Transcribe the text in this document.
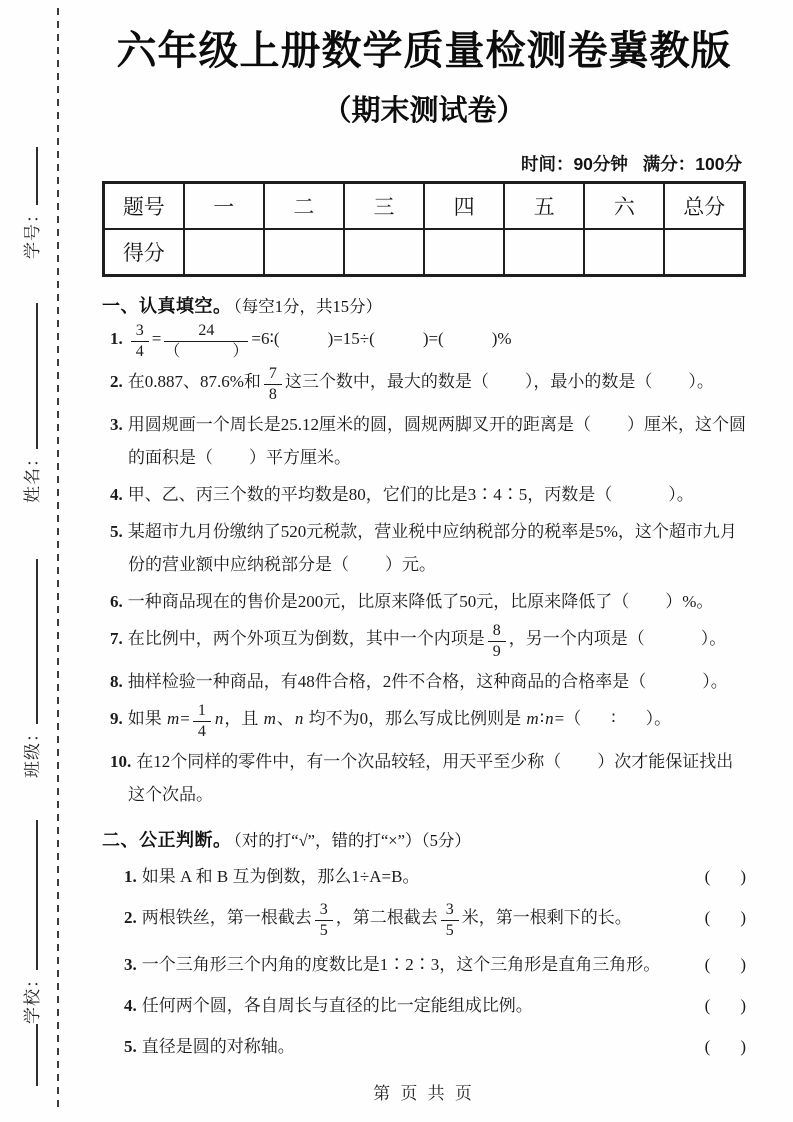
学号：
姓名：
班级：
学校：
六年级上册数学质量检测卷冀教版
（期末测试卷）
时间：90分钟 满分：100分
题号	一	二	三	四	五	六	总分
得分							
一、认真填空。 （每空1分，共15分）
1. $\frac{3}{4} = 24$
（	） =6∶(	)=15÷(	)=(	)%
2. 在0.887、87.6%和 $\frac{7}{8}$ 这三个数中，最大的数是（ ），最小的数是（ ）。
3. 用圆规画一个周长是25.12厘米的圆，圆规两脚叉开的距离是（ ）厘米，这个圆的面积是（ ）平方厘米。
4. 甲、乙、丙三个数的平均数是80，它们的比是3∶4∶5，丙数是（	）。
5. 某超市九月份缴纳了520元税款，营业税中应纳税部分的税率是5%，这个超市九月份的营业额中应纳税部分是（ ）元。
6. 一种商品现在的售价是200元，比原来降低了50元，比原来降低了（ ）%。
7. 在比例中，两个外项互为倒数，其中一个内项是 $\frac{8}{9}$ ，另一个内项是（	）。
8. 抽样检验一种商品，有48件合格，2件不合格，这种商品的合格率是（	）。
9. 如果 $m= \frac{1}{4}$ n，且 m、n 均不为0，那么写成比例则是 m∶n=（ ∶ ）。
10. 在12个同样的零件中，有一个次品较轻，用天平至少称（ ）次才能保证找出这个次品。
二、公正判断。 （对的打“√”，错的打“×”）（5分）
1. 如果 A 和 B 互为倒数，那么1÷A=B。	( )
2. 两根铁丝，第一根截去 $\frac{3}{5}$ ，第二根截去 $\frac{3}{5}$ 米，第一根剩下的长。	( )
3. 一个三角形三个内角的度数比是1∶2∶3，这个三角形是直角三角形。	( )
4. 任何两个圆，各自周长与直径的比一定能组成比例。	( )
5. 直径是圆的对称轴。	( )
第 页 共 页
